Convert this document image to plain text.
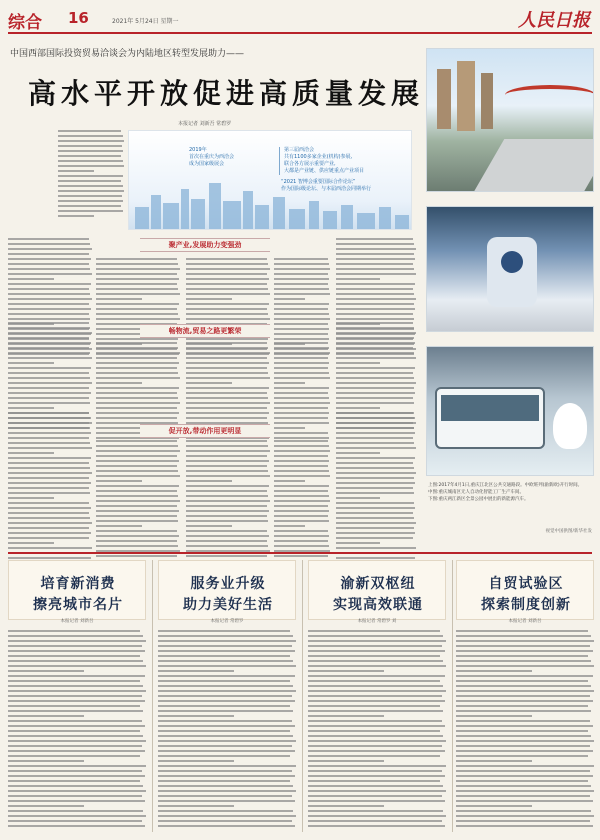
综合 16	2021年 5月24日 星期一	人民日报
中国西部国际投资贸易洽谈会为内陆地区转型发展助力——
高水平开放促进高质量发展
本报记者 刘新吾 常碧罗
2019年
首次在重庆为西洽会
成为国家级展会
第三届西洽会
共有1100多家企业(机构)参展,
联合各方展示重要产业,
大都是产业链、供应链重点产业项目
“2021 智博会重要国际合作论坛”
作为国际级论坛、与本届西洽会同期举行
聚产业,发展助力变强劲
畅物流,贸易之路更繁荣
促开放,带动作用更明显
上图:2017年4月1日,重庆江北区公共交通路段。中欧班列(渝新欧)开行时间。
中图:重庆城南区无人自动化智能工厂生产车间。
下图:重庆两江新区全景公园中展出的新能源汽车。
视觉中国供图/新华社发
培育新消费
擦亮城市名片
本报记者 刘新吾
服务业升级
助力美好生活
本报记者 常碧罗
渝新双枢纽
实现高效联通
本报记者 常碧罗 刘
自贸试验区
探索制度创新
本报记者 刘新吾
